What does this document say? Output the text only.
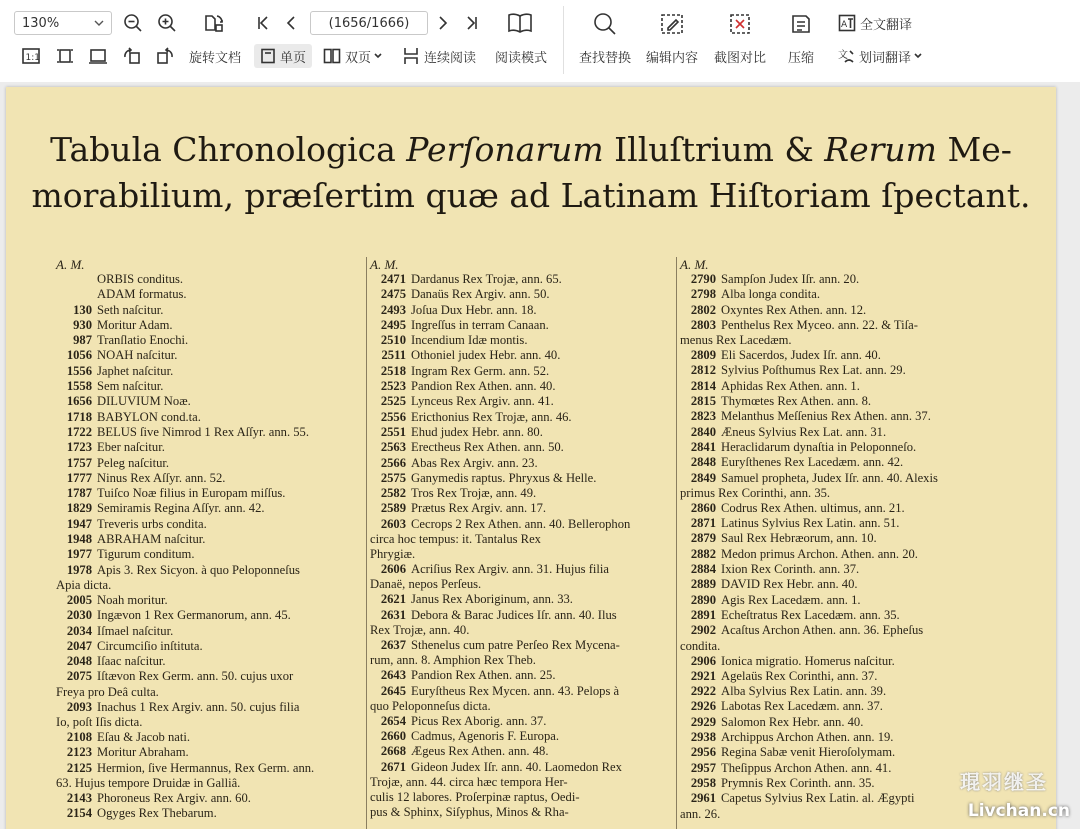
130%	(1656/1666)
1:1	旋转文档	单页	双页	连续阅读 阅读模式 查找替换 编辑内容 截图对比 压缩
A 全文翻译
文 划词翻译
Tabula Chronologica Perſonarum Illuſtrium & Rerum Me-
morabilium, præſertim quæ ad Latinam Hiſtoriam ſpectant.
A. M.
ORBIS conditus.
ADAM formatus.
130 Seth naſcitur.
930 Moritur Adam.
987 Tranſlatio Enochi.
1056 NOAH naſcitur.
1556 Japhet naſcitur.
1558 Sem naſcitur.
1656 DILUVIUM Noæ.
1718 BABYLON cond.ta.
1722 BELUS ſive Nimrod 1 Rex Aſſyr. ann. 55.
1723 Eber naſcitur.
1757 Peleg naſcitur.
1777 Ninus Rex Aſſyr. ann. 52.
1787 Tuiſco Noæ filius in Europam miſſus.
1829 Semiramis Regina Aſſyr. ann. 42.
1947 Treveris urbs condita.
1948 ABRAHAM naſcitur.
1977 Tigurum conditum.
1978 Apis 3. Rex Sicyon. à quo Peloponneſus
Apia dicta.
2005 Noah moritur.
2030 Ingævon 1 Rex Germanorum, ann. 45.
2034 Iſmael naſcitur.
2047 Circumciſio inſtituta.
2048 Iſaac naſcitur.
2075 Iſtævon Rex Germ. ann. 50. cujus uxor
Freya pro Deâ culta.
2093 Inachus 1 Rex Argiv. ann. 50. cujus filia
Io, poſt Iſis dicta.
2108 Eſau & Jacob nati.
2123 Moritur Abraham.
2125 Hermion, ſive Hermannus, Rex Germ. ann.
63. Hujus tempore Druidæ in Galliâ.
2143 Phoroneus Rex Argiv. ann. 60.
2154 Ogyges Rex Thebarum.
A. M.
2471 Dardanus Rex Trojæ, ann. 65.
2475 Danaüs Rex Argiv. ann. 50.
2493 Joſua Dux Hebr. ann. 18.
2495 Ingreſſus in terram Canaan.
2510 Incendium Idæ montis.
2511 Othoniel judex Hebr. ann. 40.
2518 Ingram Rex Germ. ann. 52.
2523 Pandion Rex Athen. ann. 40.
2525 Lynceus Rex Argiv. ann. 41.
2556 Ericthonius Rex Trojæ, ann. 46.
2551 Ehud judex Hebr. ann. 80.
2563 Erectheus Rex Athen. ann. 50.
2566 Abas Rex Argiv. ann. 23.
2575 Ganymedis raptus. Phryxus & Helle.
2582 Tros Rex Trojæ, ann. 49.
2589 Prætus Rex Argiv. ann. 17.
2603 Cecrops 2 Rex Athen. ann. 40. Bellerophon
circa hoc tempus: it. Tantalus Rex
Phrygiæ.
2606 Acriſius Rex Argiv. ann. 31. Hujus filia
Danaë, nepos Perſeus.
2621 Janus Rex Aboriginum, ann. 33.
2631 Debora & Barac Judices Iſr. ann. 40. Ilus
Rex Trojæ, ann. 40.
2637 Sthenelus cum patre Perſeo Rex Mycena-
rum, ann. 8. Amphion Rex Theb.
2643 Pandion Rex Athen. ann. 25.
2645 Euryſtheus Rex Mycen. ann. 43. Pelops à
quo Peloponneſus dicta.
2654 Picus Rex Aborig. ann. 37.
2660 Cadmus, Agenoris F. Europa.
2668 Ægeus Rex Athen. ann. 48.
2671 Gideon Judex Iſr. ann. 40. Laomedon Rex
Trojæ, ann. 44. circa hæc tempora Her-
culis 12 labores. Proſerpinæ raptus, Oedi-
pus & Sphinx, Siſyphus, Minos & Rha-
A. M.
2790 Sampſon Judex Iſr. ann. 20.
2798 Alba longa condita.
2802 Oxyntes Rex Athen. ann. 12.
2803 Penthelus Rex Myceo. ann. 22. & Tiſa-
menus Rex Lacedæm.
2809 Eli Sacerdos, Judex Iſr. ann. 40.
2812 Sylvius Poſthumus Rex Lat. ann. 29.
2814 Aphidas Rex Athen. ann. 1.
2815 Thymœtes Rex Athen. ann. 8.
2823 Melanthus Meſſenius Rex Athen. ann. 37.
2840 Æneus Sylvius Rex Lat. ann. 31.
2841 Heraclidarum dynaſtia in Peloponneſo.
2848 Euryſthenes Rex Lacedæm. ann. 42.
2849 Samuel propheta, Judex Iſr. ann. 40. Alexis
primus Rex Corinthi, ann. 35.
2860 Codrus Rex Athen. ultimus, ann. 21.
2871 Latinus Sylvius Rex Latin. ann. 51.
2879 Saul Rex Hebræorum, ann. 10.
2882 Medon primus Archon. Athen. ann. 20.
2884 Ixion Rex Corinth. ann. 37.
2889 DAVID Rex Hebr. ann. 40.
2890 Agis Rex Lacedæm. ann. 1.
2891 Echeſtratus Rex Lacedæm. ann. 35.
2902 Acaſtus Archon Athen. ann. 36. Epheſus
condita.
2906 Ionica migratio. Homerus naſcitur.
2921 Agelaüs Rex Corinthi, ann. 37.
2922 Alba Sylvius Rex Latin. ann. 39.
2926 Labotas Rex Lacedæm. ann. 37.
2929 Salomon Rex Hebr. ann. 40.
2938 Archippus Archon Athen. ann. 19.
2956 Regina Sabæ venit Hieroſolymam.
2957 Theſippus Archon Athen. ann. 41.
2958 Prymnis Rex Corinth. ann. 35.
2961 Capetus Sylvius Rex Latin. al. Ægypti
ann. 26.
琨羽继圣
Livchan.cn
